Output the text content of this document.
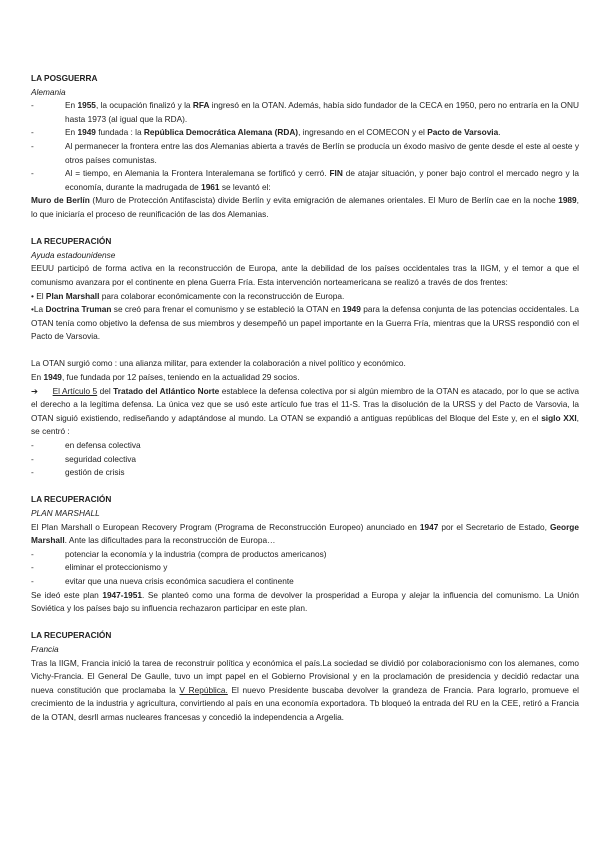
LA POSGUERRA

Alemania

- En 1955, la ocupación finalizó y la RFA ingresó en la OTAN. Además, había sido fundador de la CECA en 1950, pero no entraría en la ONU hasta 1973 (al igual que la RDA).

- En 1949 fundada : la República Democrática Alemana (RDA), ingresando en el COMECON y el Pacto de Varsovia.

- Al permanecer la frontera entre las dos Alemanias abierta a través de Berlín se producía un éxodo masivo de gente desde el este al oeste y otros países comunistas.

- Al = tiempo, en Alemania la Frontera Interalemana se fortificó y cerró. FIN de atajar situación, y poner bajo control el mercado negro y la economía, durante la madrugada de 1961 se levantó el:

Muro de Berlín (Muro de Protección Antifascista) divide Berlín y evita emigración de alemanes orientales. El Muro de Berlín cae en la noche 1989, lo que iniciaría el proceso de reunificación de las dos Alemanias.

LA RECUPERACIÓN

Ayuda estadounidense

EEUU participó de forma activa en la reconstrucción de Europa, ante la debilidad de los países occidentales tras la IIGM, y el temor a que el comunismo avanzara por el continente en plena Guerra Fría. Esta intervención norteamericana se realizó a través de dos frentes:

• El Plan Marshall para colaborar económicamente con la reconstrucción de Europa.

•La Doctrina Truman se creó para frenar el comunismo y se estableció la OTAN en 1949 para la defensa conjunta de las potencias occidentales. La OTAN tenía como objetivo la defensa de sus miembros y desempeñó un papel importante en la Guerra Fría, mientras que la URSS respondió con el Pacto de Varsovia.

La OTAN surgió como : una alianza militar, para extender la colaboración a nivel político y económico.

En 1949, fue fundada por 12 países, teniendo en la actualidad 29 socios.

➔ El Artículo 5 del Tratado del Atlántico Norte establece la defensa colectiva por si algún miembro de la OTAN es atacado, por lo que se activa el derecho a la legítima defensa. La única vez que se usó este artículo fue tras el 11-S. Tras la disolución de la URSS y del Pacto de Varsovia, la OTAN siguió existiendo, rediseñando y adaptándose al mundo. La OTAN se expandió a antiguas repúblicas del Bloque del Este y, en el siglo XXI, se centró :

- en defensa colectiva

- seguridad colectiva

- gestión de crisis

LA RECUPERACIÓN

PLAN MARSHALL

El Plan Marshall o European Recovery Program (Programa de Reconstrucción Europeo) anunciado en 1947 por el Secretario de Estado, George Marshall. Ante las dificultades para la reconstrucción de Europa…

- potenciar la economía y la industria (compra de productos americanos)

- eliminar el proteccionismo y

- evitar que una nueva crisis económica sacudiera el continente

Se ideó este plan 1947-1951. Se planteó como una forma de devolver la prosperidad a Europa y alejar la influencia del comunismo. La Unión Soviética y los países bajo su influencia rechazaron participar en este plan.

LA RECUPERACIÓN

Francia

Tras la IIGM, Francia inició la tarea de reconstruir política y económica el país.La sociedad se dividió por colaboracionismo con los alemanes, como Vichy-Francia. El General De Gaulle, tuvo un impt papel en el Gobierno Provisional y en la proclamación de presidencia y decidió redactar una nueva constitución que proclamaba la V República. El nuevo Presidente buscaba devolver la grandeza de Francia. Para lograrlo, promueve el crecimiento de la industria y agricultura, convirtiendo al país en una economía exportadora. Tb bloqueó la entrada del RU en la CEE, retiró a Francia de la OTAN, desrll armas nucleares francesas y concedió la independencia a Argelia.
